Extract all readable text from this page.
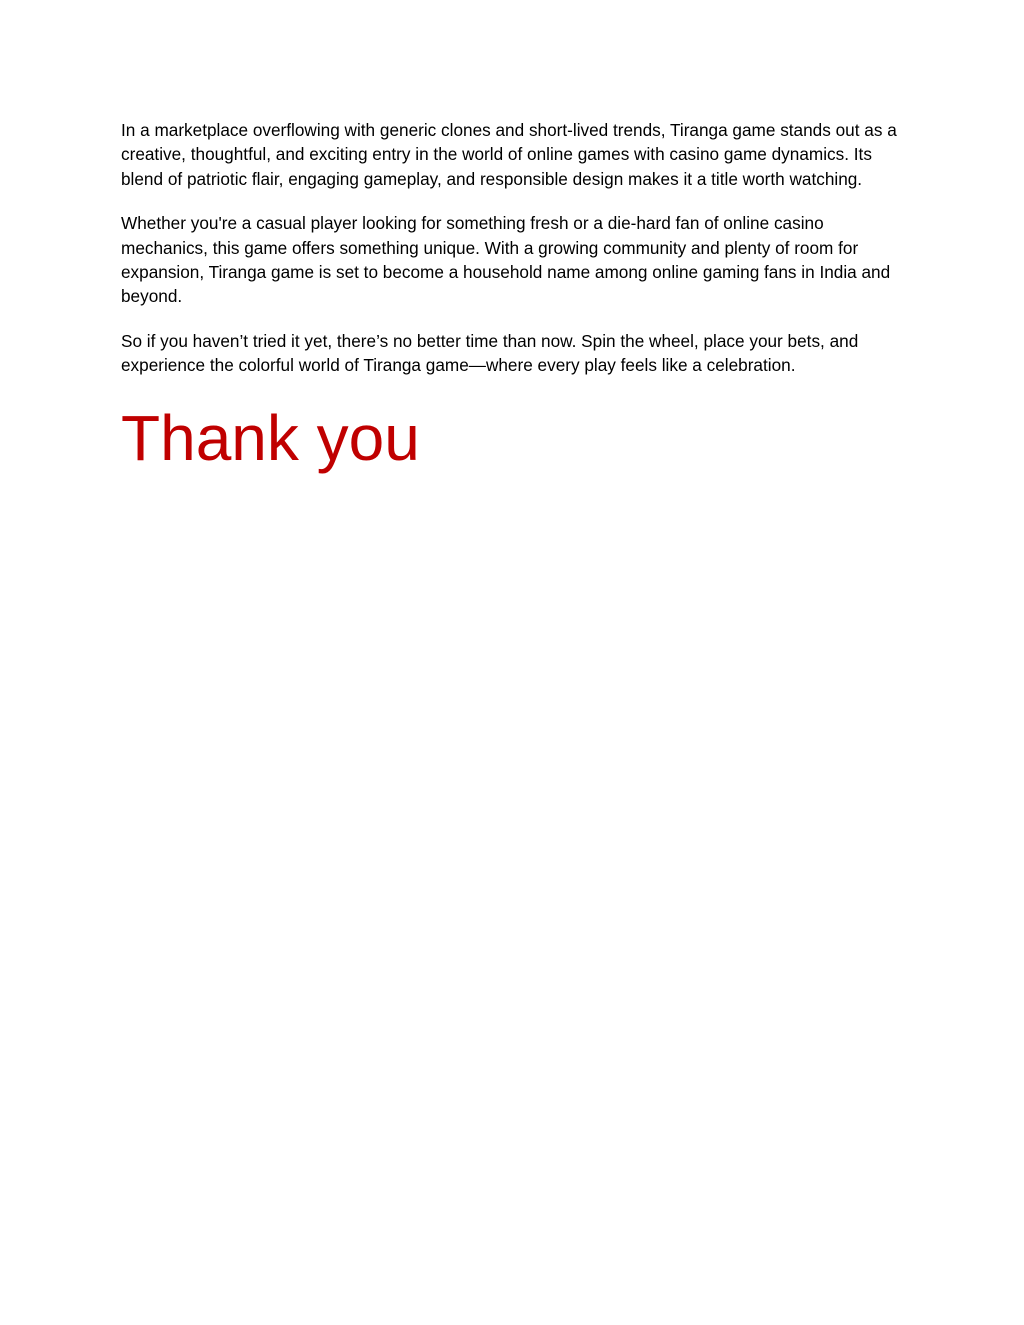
In a marketplace overflowing with generic clones and short-lived trends, Tiranga game stands out as a creative, thoughtful, and exciting entry in the world of online games with casino game dynamics. Its blend of patriotic flair, engaging gameplay, and responsible design makes it a title worth watching.

Whether you're a casual player looking for something fresh or a die-hard fan of online casino mechanics, this game offers something unique. With a growing community and plenty of room for expansion, Tiranga game is set to become a household name among online gaming fans in India and beyond.

So if you haven’t tried it yet, there’s no better time than now. Spin the wheel, place your bets, and experience the colorful world of Tiranga game—where every play feels like a celebration.

Thank you
